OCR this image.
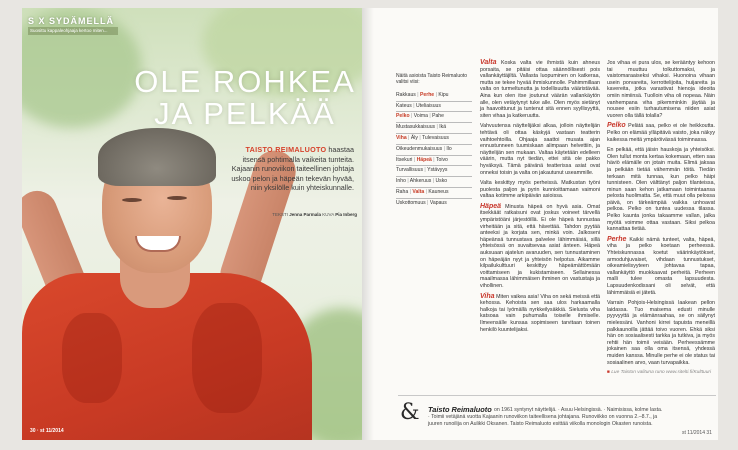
S X SYDÄMELLÄ
Suosittu kappaleohjaaja kertoo miten...
OLE ROHKEA
JA PELKÄÄ
TAISTO REIMALUOTO haastaa itsensä pohtimalla vaikeita tunteita. Kajaanin runoviikon taiteellinen johtaja uskoo pelon ja häpeän tekevän hyvää, niin yksilölle kuin yhteiskunnalle.
TEKSTI Jenna Parmala KUVA Pia Inberg
30 · st 11/2014
Näitä asioista Taisto Reimaluoto valitsi viisi:
Rakkaus | Perhe | Kipu
Kateus | Uteliaisuus
Pelko | Voima | Pahe
Mustasukkaisuus | Ikä
Viha | Äly | Tulevaisuus
Oikeudenmukaisuus | Ilo
Itsekuri | Häpeä | Toivo
Turvallisuus | Ystävyys
Inho | Ahkeruus | Usko
Raha | Valta | Kauneus
Uskottomuus | Vapaus

Valta Koska valta vie ihmistä kuin ahneus porsaita, se pitäisi ottaa säännöllisesti pois vallankäyttäjiltä. Vallasta luopuminen on katkeraa, mutta se tekee hyvää ihmiskunnolle. Pahimmillaan valta on turmeltunutta ja todellisuutta vääristävää. Aina kun olen itse joutunut väärän vallankäytön alle, olen vetäytynyt tuke alle. Olen myös sietänyt ja haavoittunut ja tuntenut sitä ennen syyllisyyttä, siten vihaa ja katkeruutta.

Vahvuutensa näyttelijäksi alkaa, jolloin näyttelijän tehtävä oli ottaa käskyjä vastaan teatterin vaihtoehtoilla. Ohjaaja saattoi musata ajan ennustunneen tuumiskaan alimpaan helvettiin, ja näyttelijän sen mukaan. Valtaa käytetään edelleen väärin, mutta nyt tiedän, ettei sitä ole pakko hyväksyä. Tämä päivänä teatterissa asiat ovat onneksi toisin ja valta on jakautunut useammille.

Valta keskittyy myös perheissä. Matkustan työni puolesta paljon ja pyrin kunnioittamaan vaimoni valtaa kotimme arkipäivän asioissa.

Häpeä Minusta häpeä on hyvä asia. Omat itsekkäät ratkaisuni ovat joskus voineet tärvellä ympäristöäni järjestöillä. Ei ole häpeä tunnustaa virheitään ja sitä, että hävettää. Tahdon pyytää anteeksi ja korjata sen, minkä voin. Jalkoseni häpeänsä tunnustava palvelee lähimmäisiä, sillä yhteisössä on suvaitsevaa asiat änteen. Häpeä auksuaan ajatelun avaruuden, sen tunnustaminen on häpeäjän nyyt ja yhteisön helpotus. Aikamme kilpailukulttuuri keskittyy häpeämättömään voittamiseen ja kukistamiseen. Sellainessa maailmassa lähimmäisen ihminen on vastustaja ja vihollinen.

Viha Miten vaikea asia! Viha on sekä meissä että kehossa. Kehoista sen saa ulos harkaamalla halkoja tai lyömällä nyrkkeilysäkkiä. Sielusta viha katsoaa vain puhumalla toiselle ihmiselle. Ilmeensälle kunsaa sopimiseen tarvitaan toinen henkilö kuuntelijaksi.

Jos vihaa ei pura ulos, se kerääntyy kehoon tai muuttuu tolkuttomaksi, ja vaistomaraaiseksi vihaksi. Huonoina vihaan usein porvareita, kerrottelijoita, huijareita ja kavereita, jotka varastivat hienoja ideoita omiin nimiinsä. Tuolloin viha oli nopeaa. Näin vanhempana viha pikemminkin jäytää ja nousee esiin turhautumisena niiden asiat vuoren olla tällä tolalla?

Pelko Pelätä saa, pelko ei ole heikkoutta. Pelko on elämää ylläpitävä vaisto, joka näkyy kaikessa meitä ympäröivässä toiminnassa.

En pelkää, että jäisin hauskoja ja yhteisöksi. Olen tullut monta kertaa kokemaan, etten saa häviö elämälle on jotain muita. Elimä jaksaa ja pelkään tietää vähemmän töitä. Tiedän terkaan mitä tunnaa, kun pelko häipi tunnisteen. Olen välttänyt paljon tilanteissa, minun saan kehon jatkamaan toimintaansa pelosta huolimatta. Se, että muut olla pelossa päivä, on tärkeämpää vaikka unhoavat pelkoa. Pelko on tuntea uudessa tilassa. Pelko kaunta jonka takaamme vallan, jalka myötä voimme ottaa vastaan. Siksi pelkoa kannattaa tietää.

Perhe Kaikki nämä tunteet, valta, häpeä, viha ja pelko koetaan perheessä. Yhteiskunnassa koetut väärinkäytökset, armoduhjuvaiset, vihdaan tunnustukset, oikeamielisyyteen johtavaa tapaa, vallankäyttö muokkaavat perheitä. Perheen malli tulee omasta lapsuudesta. Lapsuudenkodissani oli selvät, että lähimmäisiä ei jätetä.

Varrain Pohjois-Helsingissä laakean pellon laidassa. Tuo maisema edusti minulle pyyvyyttä ja elämänraahaa, se on säilynyt mielessäni. Vanhoni kirrei tapuista meneillä palkkaunoilla jättää toivo vuoren. Ehkä siksi hän on sosiaalisesti tarkka ja tutkiva, ja myös rehtii hän toimii veisään. Perheessämme jokainen saa olla oma itsensä, yhdessä muiden kanssa. Minulle perhe ei ole status tai sosiaalinen arvo, vaan turvapaikka.

■ Lue Taiston valituna runo www.sitelti.fi/Kulttuuri

& Taisto Reimaluoto on 1961 syntynyt näyttelijä. · Asuu Helsingissä. · Naimisissa, kolme lasta.
· Toimii vetäjänä vuotta Kajaanin runoviikon taiteellisena johtajana. Runoviikko on vuonna 2.–8.7., ja
juuren runoilija on Aulikki Oksanen. Taisto Reimaluoto esittää viikolla monologin Okasten runoista.
st 11/2014 31
